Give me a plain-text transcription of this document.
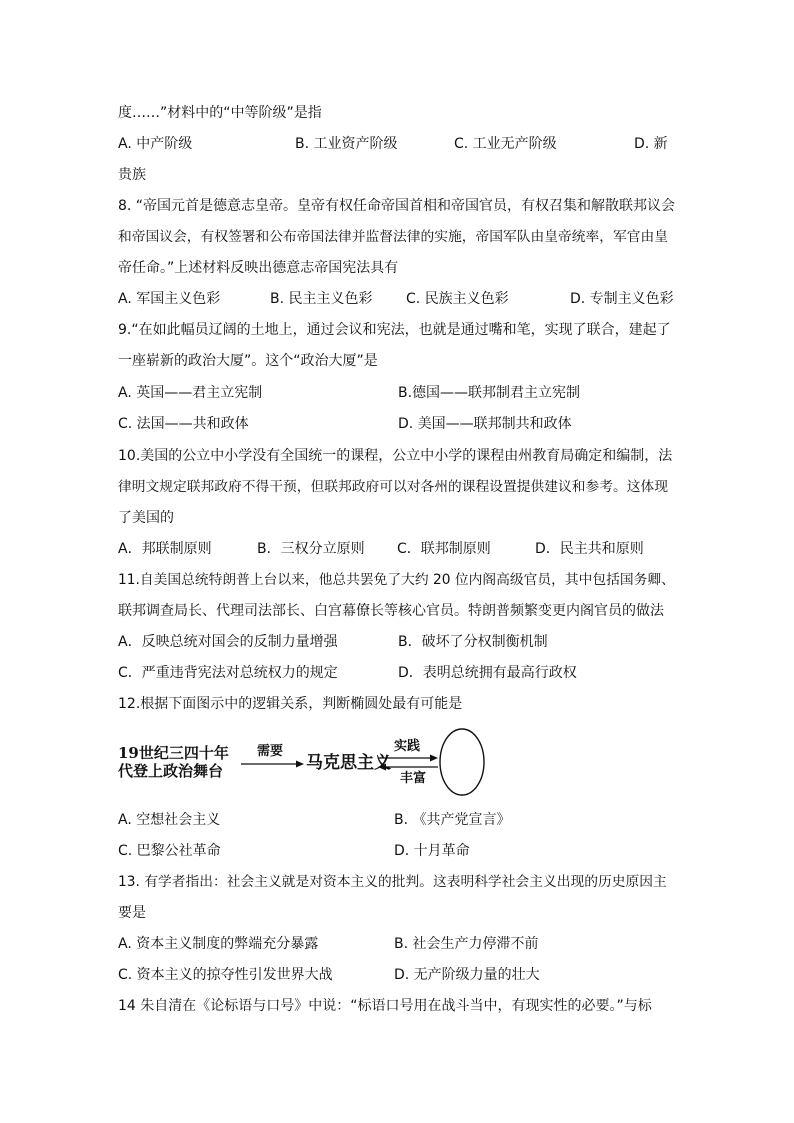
度……”材料中的“中等阶级”是指
A. 中产阶级	B. 工业资产阶级	C. 工业无产阶级	D. 新
贵族
8. “帝国元首是德意志皇帝。皇帝有权任命帝国首相和帝国官员，有权召集和解散联邦议会
和帝国议会，有权签署和公布帝国法律并监督法律的实施，帝国军队由皇帝统率，军官由皇
帝任命。”上述材料反映出德意志帝国宪法具有
A. 军国主义色彩	B. 民主主义色彩 C. 民族主义色彩	D. 专制主义色彩
9.“在如此幅员辽阔的土地上，通过会议和宪法，也就是通过嘴和笔，实现了联合，建起了
一座崭新的政治大厦”。这个“政治大厦”是
A. 英国——君主立宪制	B.德国——联邦制君主立宪制
C. 法国——共和政体	D. 美国——联邦制共和政体
10.美国的公立中小学没有全国统一的课程，公立中小学的课程由州教育局确定和编制，法
律明文规定联邦政府不得干预，但联邦政府可以对各州的课程设置提供建议和参考。这体现
了美国的
A．邦联制原则	B．三权分立原则 C．联邦制原则	D．民主共和原则
11.自美国总统特朗普上台以来，他总共罢免了大约 20 位内阁高级官员，其中包括国务卿、
联邦调查局长、代理司法部长、白宫幕僚长等核心官员。特朗普频繁变更内阁官员的做法
A．反映总统对国会的反制力量增强	B．破坏了分权制衡机制
C．严重违背宪法对总统权力的规定	D．表明总统拥有最高行政权
12.根据下面图示中的逻辑关系，判断椭圆处最有可能是
19世纪三四十年
代登上政治舞台
需要
马克思主义
实践
丰富
A. 空想社会主义	B. 《共产党宣言》
C. 巴黎公社革命	D. 十月革命
13. 有学者指出：社会主义就是对资本主义的批判。这表明科学社会主义出现的历史原因主
要是
A. 资本主义制度的弊端充分暴露	B. 社会生产力停滞不前
C. 资本主义的掠夺性引发世界大战	D. 无产阶级力量的壮大
14 朱自清在《论标语与口号》中说：“标语口号用在战斗当中，有现实性的必要。”与标
